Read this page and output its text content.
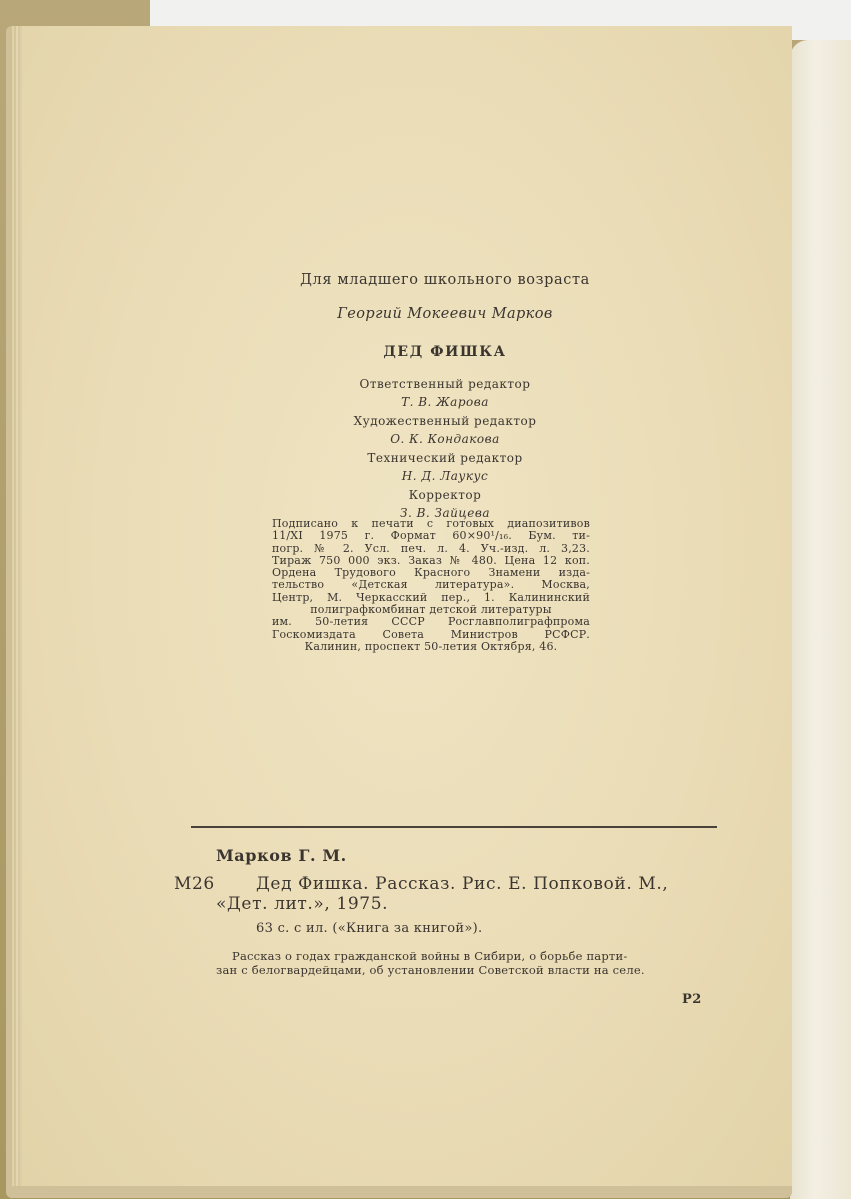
Для младшего школьного возраста
Георгий Мокеевич Марков
ДЕД ФИШКА
Ответственный редактор
Т. В. Жарова
Художественный редактор
О. К. Кондакова
Технический редактор
Н. Д. Лаукус
Корректор
З. В. Зайцева
Подписано к печати с готовых диапозитивов
11/XI 1975 г. Формат 60×90¹/₁₆. Бум. ти-
погр. № 2. Усл. печ. л. 4. Уч.-изд. л. 3,23.
Тираж 750 000 экз. Заказ № 480. Цена 12 коп.
Ордена Трудового Красного Знамени изда-
тельство «Детская литература». Москва,
Центр, М. Черкасский пер., 1. Калининский
полиграфкомбинат детской литературы
им. 50-летия СССР Росглавполиграфпрома
Госкомиздата Совета Министров РСФСР.
Калинин, проспект 50-летия Октября, 46.
Марков Г. М.
М26 Дед Фишка. Рассказ. Рис. Е. Попковой. М.,
«Дет. лит.», 1975.
63 с. с ил. («Книга за книгой»).
Рассказ о годах гражданской войны в Сибири, о борьбе парти-
зан с белогвардейцами, об установлении Советской власти на селе.
Р2
